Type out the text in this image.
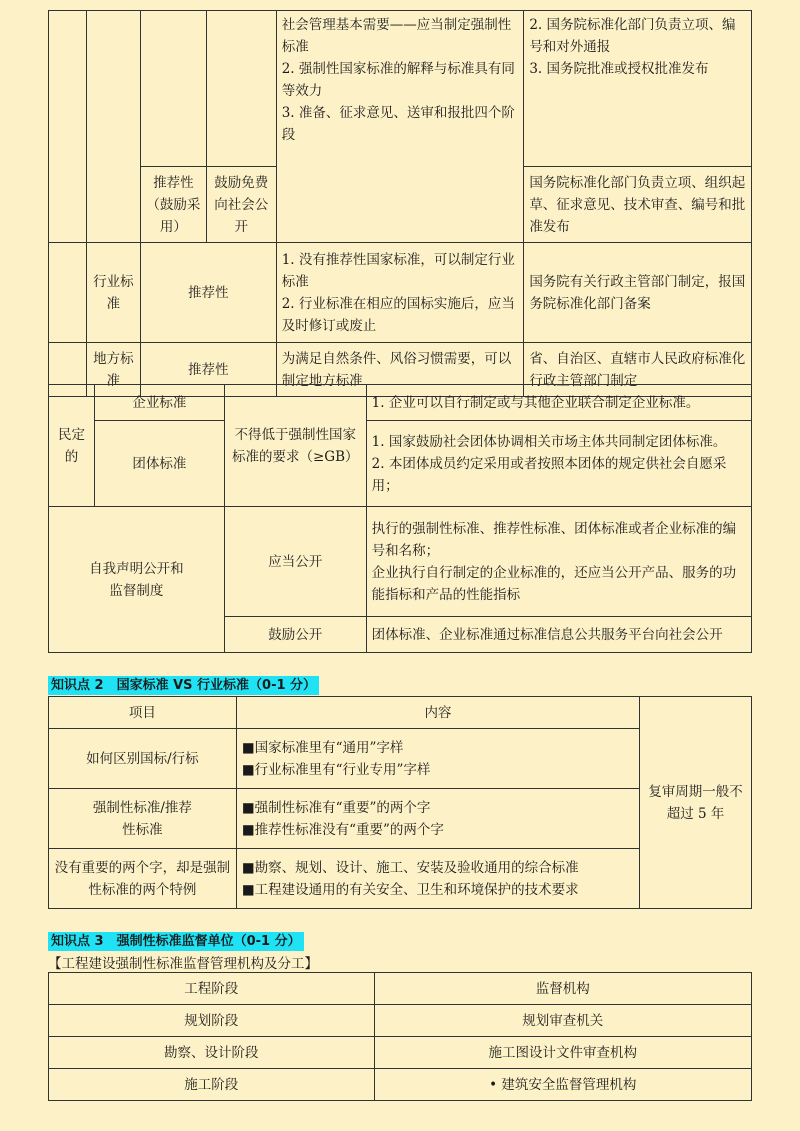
				社会管理基本需要——应当制定强制性标准
2. 强制性国家标准的解释与标准具有同等效力
3. 准备、征求意见、送审和报批四个阶段	2. 国务院标准化部门负责立项、编号和对外通报
3. 国务院批准或授权批准发布

		推荐性（鼓励采用）	鼓励免费向社会公开		国务院标准化部门负责立项、组织起草、征求意见、技术审查、编号和批准发布
	行业标准	推荐性		1. 没有推荐性国家标准，可以制定行业标准
2. 行业标准在相应的国标实施后，应当及时修订或废止	国务院有关行政主管部门制定，报国务院标准化部门备案
	地方标准	推荐性		为满足自然条件、风俗习惯需要，可以制定地方标准	省、自治区、直辖市人民政府标准化行政主管部门制定
民定的	企业标准	不得低于强制性国家标准的要求（≥GB）	1. 企业可以自行制定或与其他企业联合制定企业标准。
	团体标准		1. 国家鼓励社会团体协调相关市场主体共同制定团体标准。
2. 本团体成员约定采用或者按照本团体的规定供社会自愿采用；

自我声明公开和监督制度		应当公开	执行的强制性标准、推荐性标准、团体标准或者企业标准的编号和名称；
企业执行自行制定的企业标准的，还应当公开产品、服务的功能指标和产品的性能指标

		鼓励公开	团体标准、企业标准通过标准信息公共服务平台向社会公开
知识点 2　国家标准 VS 行业标准（0-1 分）
项目	内容	复审周期一般不超过 5 年
如何区别国标/行标	■国家标准里有“通用”字样
■行业标准里有“行业专用”字样	

强制性标准/推荐性标准	■强制性标准有“重要”的两个字
■推荐性标准没有“重要”的两个字	

没有重要的两个字，却是强制性标准的两个特例	■勘察、规划、设计、施工、安装及验收通用的综合标准
■工程建设通用的有关安全、卫生和环境保护的技术要求	
知识点 3　强制性标准监督单位（0-1 分）
【工程建设强制性标准监督管理机构及分工】
工程阶段	监督机构
规划阶段	规划审查机关
勘察、设计阶段	施工图设计文件审查机构
施工阶段	• 建筑安全监督管理机构
